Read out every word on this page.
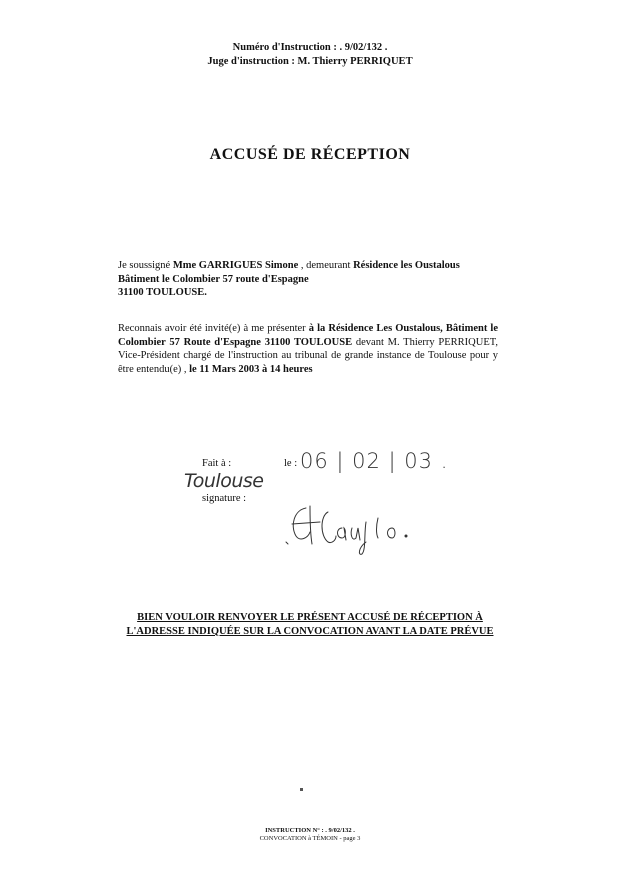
Numéro d'Instruction : . 9/02/132 .
Juge d'instruction : M. Thierry PERRIQUET
ACCUSÉ DE RÉCEPTION
Je soussigné Mme GARRIGUES Simone , demeurant Résidence les Oustalous
Bâtiment le Colombier 57 route d'Espagne
31100 TOULOUSE.
Reconnais avoir été invité(e) à me présenter à la Résidence Les Oustalous, Bâtiment le Colombier 57 Route d'Espagne 31100 TOULOUSE devant M. Thierry PERRIQUET, Vice-Président chargé de l'instruction au tribunal de grande instance de Toulouse pour y être entendu(e) , le 11 Mars 2003 à 14 heures
Fait à :
Toulouse
le : 06 | 02 | 03 .
signature :
BIEN VOULOIR RENVOYER LE PRÉSENT ACCUSÉ DE RÉCEPTION À
L'ADRESSE INDIQUÉE SUR LA CONVOCATION AVANT LA DATE PRÉVUE
INSTRUCTION N° : . 9/02/132 .
CONVOCATION à TÉMOIN - page 3
